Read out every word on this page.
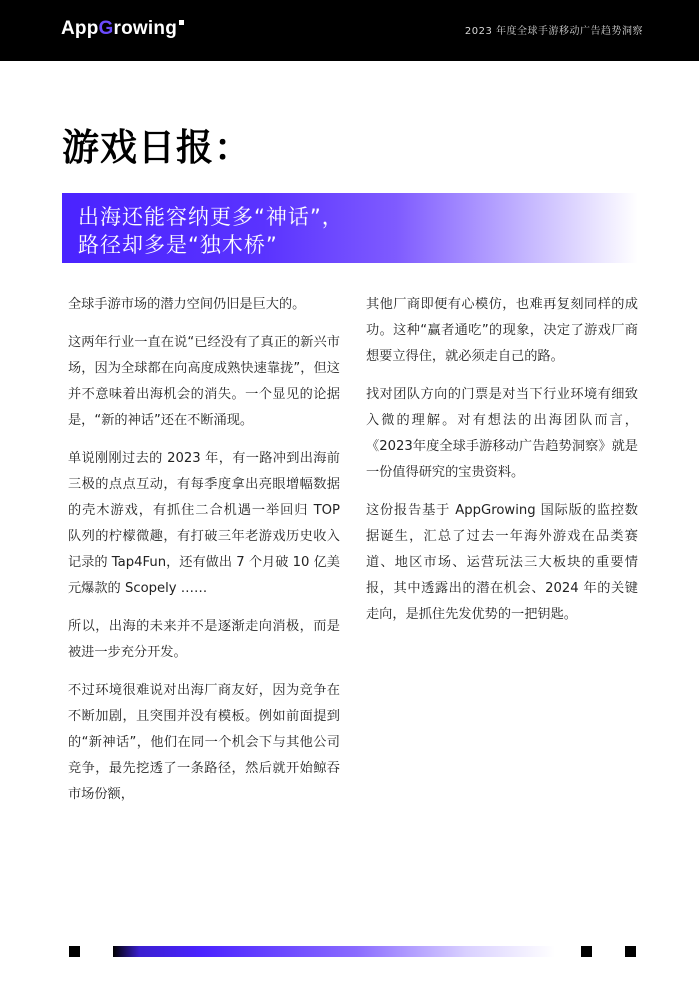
App G rowing	2023 年度全球手游移动广告趋势洞察
游戏日报：
出海还能容纳更多“神话”，
路径却多是“独木桥”

全球手游市场的潜力空间仍旧是巨大的。

这两年行业一直在说“已经没有了真正的新兴市场，因为全球都在向高度成熟快速靠拢”，但这并不意味着出海机会的消失。一个显见的论据是，“新的神话”还在不断涌现。

单说刚刚过去的 2023 年，有一路冲到出海前三极的点点互动，有每季度拿出亮眼增幅数据的壳木游戏，有抓住二合机遇一举回归 TOP 队列的柠檬微趣，有打破三年老游戏历史收入记录的 Tap4Fun，还有做出 7 个月破 10 亿美元爆款的 Scopely ……

所以，出海的未来并不是逐渐走向消极，而是被进一步充分开发。

不过环境很难说对出海厂商友好，因为竞争在不断加剧，且突围并没有模板。例如前面提到的“新神话”，他们在同一个机会下与其他公司竞争，最先挖透了一条路径，然后就开始鲸吞市场份额，

其他厂商即便有心模仿，也难再复刻同样的成功。这种“赢者通吃”的现象，决定了游戏厂商想要立得住，就必须走自己的路。

找对团队方向的门票是对当下行业环境有细致入微的理解。对有想法的出海团队而言，《2023年度全球手游移动广告趋势洞察》就是一份值得研究的宝贵资料。

这份报告基于 AppGrowing 国际版的监控数据诞生，汇总了过去一年海外游戏在品类赛道、地区市场、运营玩法三大板块的重要情报，其中透露出的潜在机会、2024 年的关键走向，是抓住先发优势的一把钥匙。
